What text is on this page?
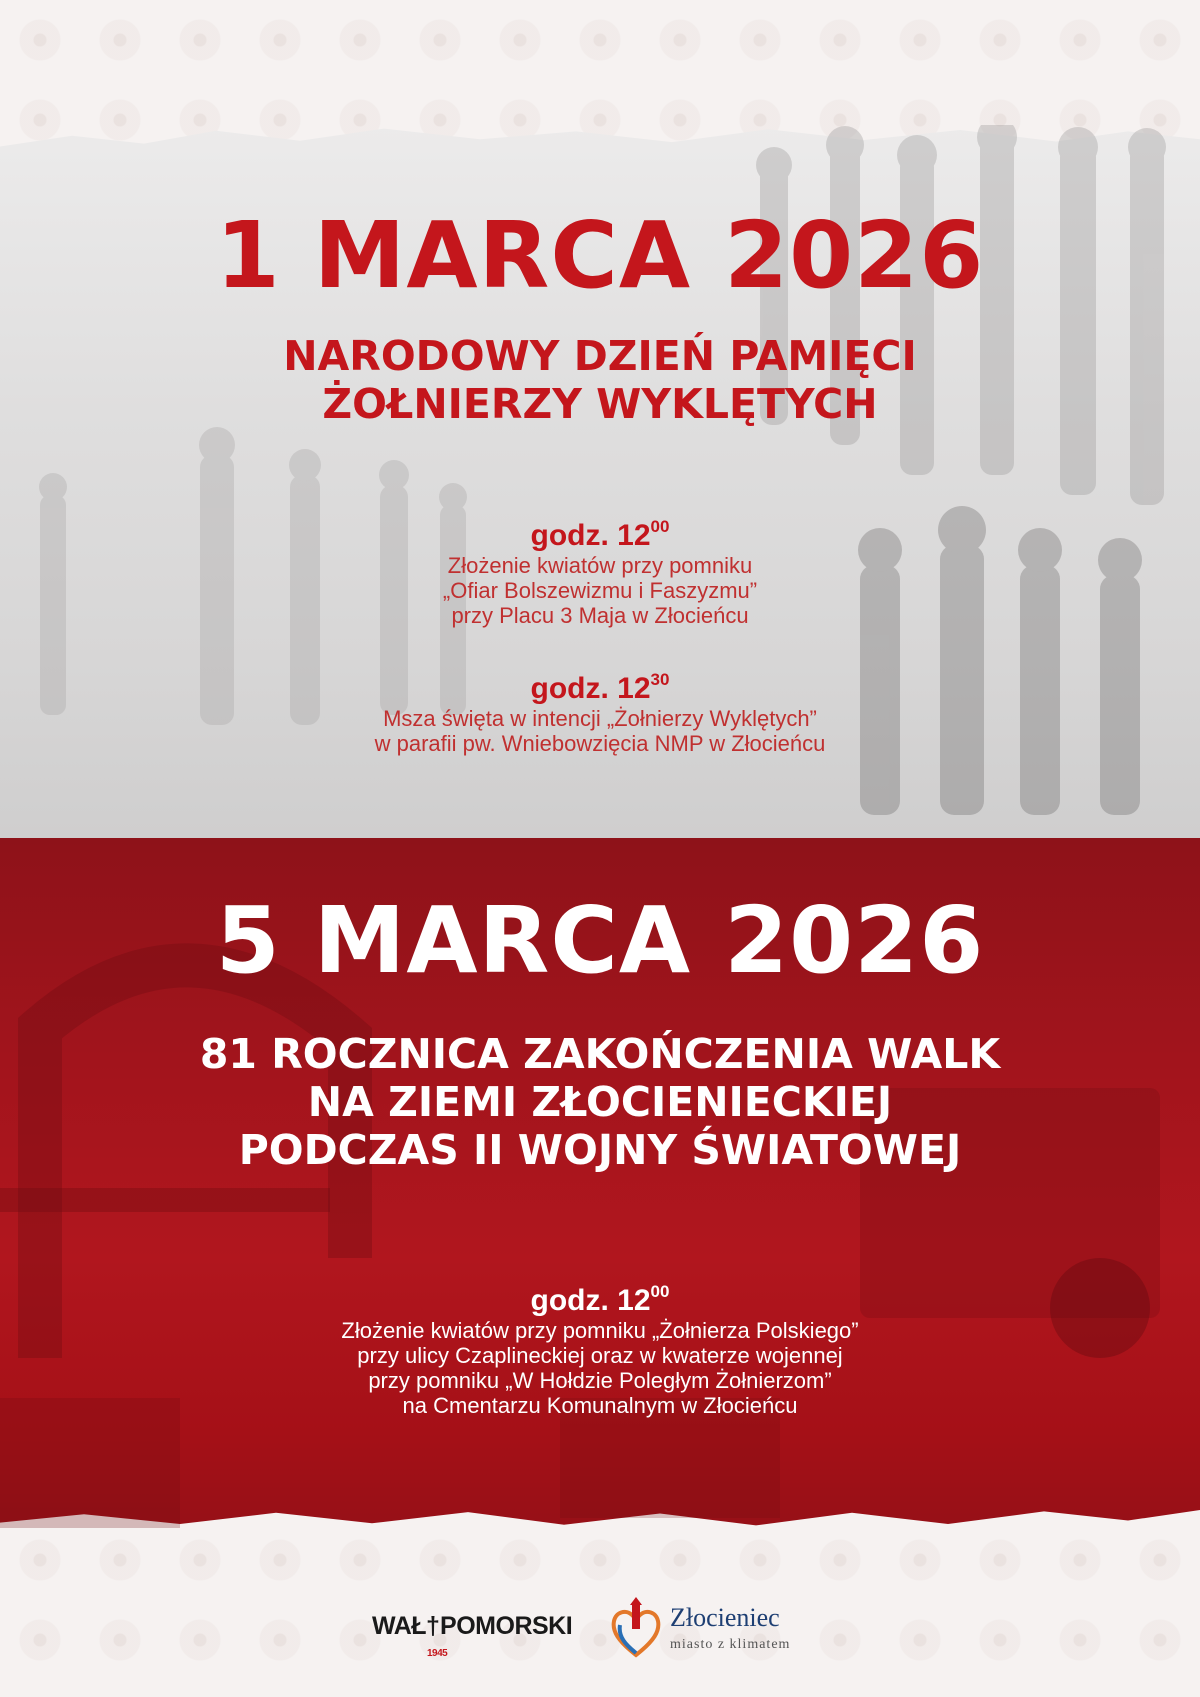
1 MARCA 2026
NARODOWY DZIEŃ PAMIĘCI
ŻOŁNIERZY WYKLĘTYCH
godz. $12^{00}$
Złożenie kwiatów przy pomniku
„Ofiar Bolszewizmu i Faszyzmu”
przy Placu 3 Maja w Złocieńcu
godz. $12^{30}$
Msza święta w intencji „Żołnierzy Wyklętych”
w parafii pw. Wniebowzięcia NMP w Złocieńcu
5 MARCA 2026
81 ROCZNICA ZAKOŃCZENIA WALK
NA ZIEMI ZŁOCIENIECKIEJ
PODCZAS II WOJNY ŚWIATOWEJ
godz. $12^{00}$
Złożenie kwiatów przy pomniku „Żołnierza Polskiego”
przy ulicy Czaplineckiej oraz w kwaterze wojennej
przy pomniku „W Hołdzie Poległym Żołnierzom”
na Cmentarzu Komunalnym w Złocieńcu
WAŁ†POMORSKI
1945
Złocieniec
miasto z klimatem
